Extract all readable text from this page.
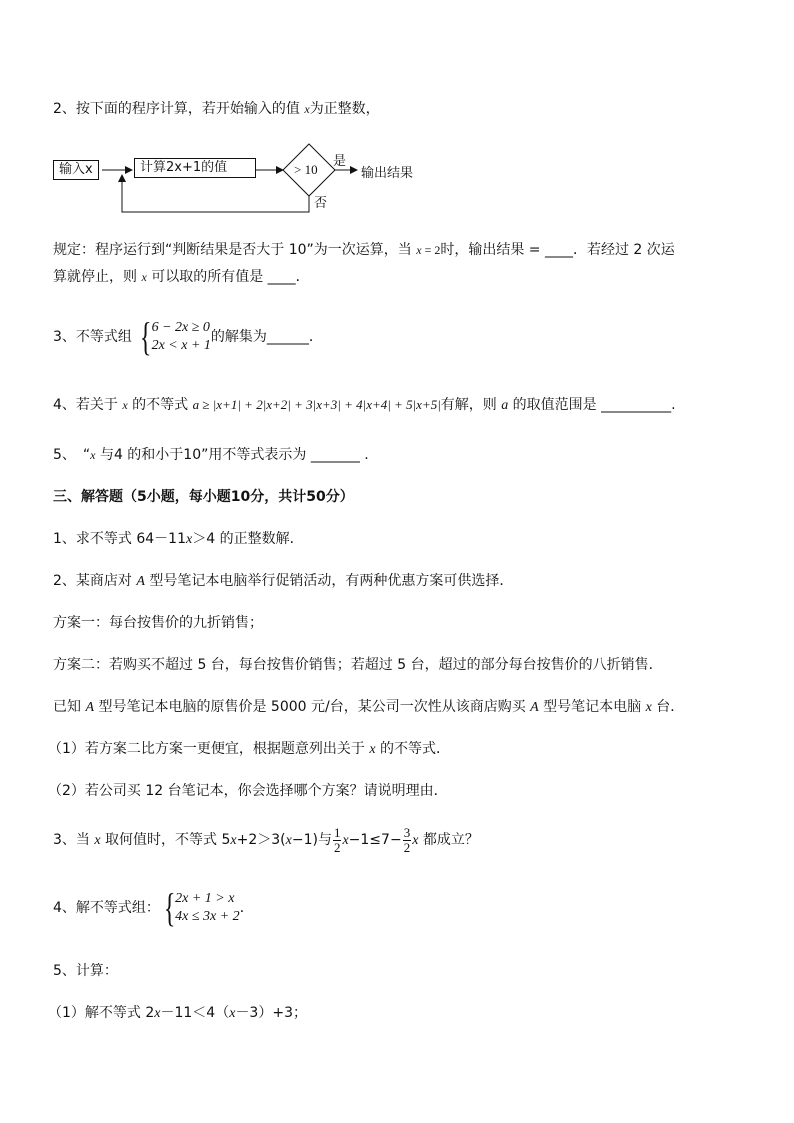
2、按下面的程序计算，若开始输入的值 x为正整数，
输入x	计算2x+1的值	> 10
是
输出结果
否
规定：程序运行到“判断结果是否大于 10”为一次运算，当 x = 2时，输出结果 = ____．若经过 2 次运
算就停止，则 x 可以取的所有值是 ____．
3、不等式组 { 6 − 2x ≥ 0
2x < x + 1
的解集为______．
4、若关于 x 的不等式 a ≥ |x+1| + 2|x+2| + 3|x+3| + 4|x+4| + 5|x+5|有解，则 a 的取值范围是 __________.
5、　“x 与4 的和小于10”用不等式表示为 _______ .
三、解答题（5小题，每小题10分，共计50分）
1、求不等式 64－11x＞4 的正整数解．
2、某商店对 A 型号笔记本电脑举行促销活动，有两种优惠方案可供选择．
方案一：每台按售价的九折销售；
方案二：若购买不超过 5 台，每台按售价销售；若超过 5 台，超过的部分每台按售价的八折销售．
已知 A 型号笔记本电脑的原售价是 5000 元/台，某公司一次性从该商店购买 A 型号笔记本电脑 x 台．
（1）若方案二比方案一更便宜，根据题意列出关于 x 的不等式．
（2）若公司买 12 台笔记本，你会选择哪个方案？请说明理由．
3、当 x 取何值时，不等式 5x+2＞3(x−1)与 $\frac{1}{2} x-1\le 7- \frac{3}{2}$ x 都成立？
4、解不等式组：{ 2x + 1 > x
4x ≤ 3x + 2
．
5、计算：
（1）解不等式 2x－11＜4（x－3）+3；
